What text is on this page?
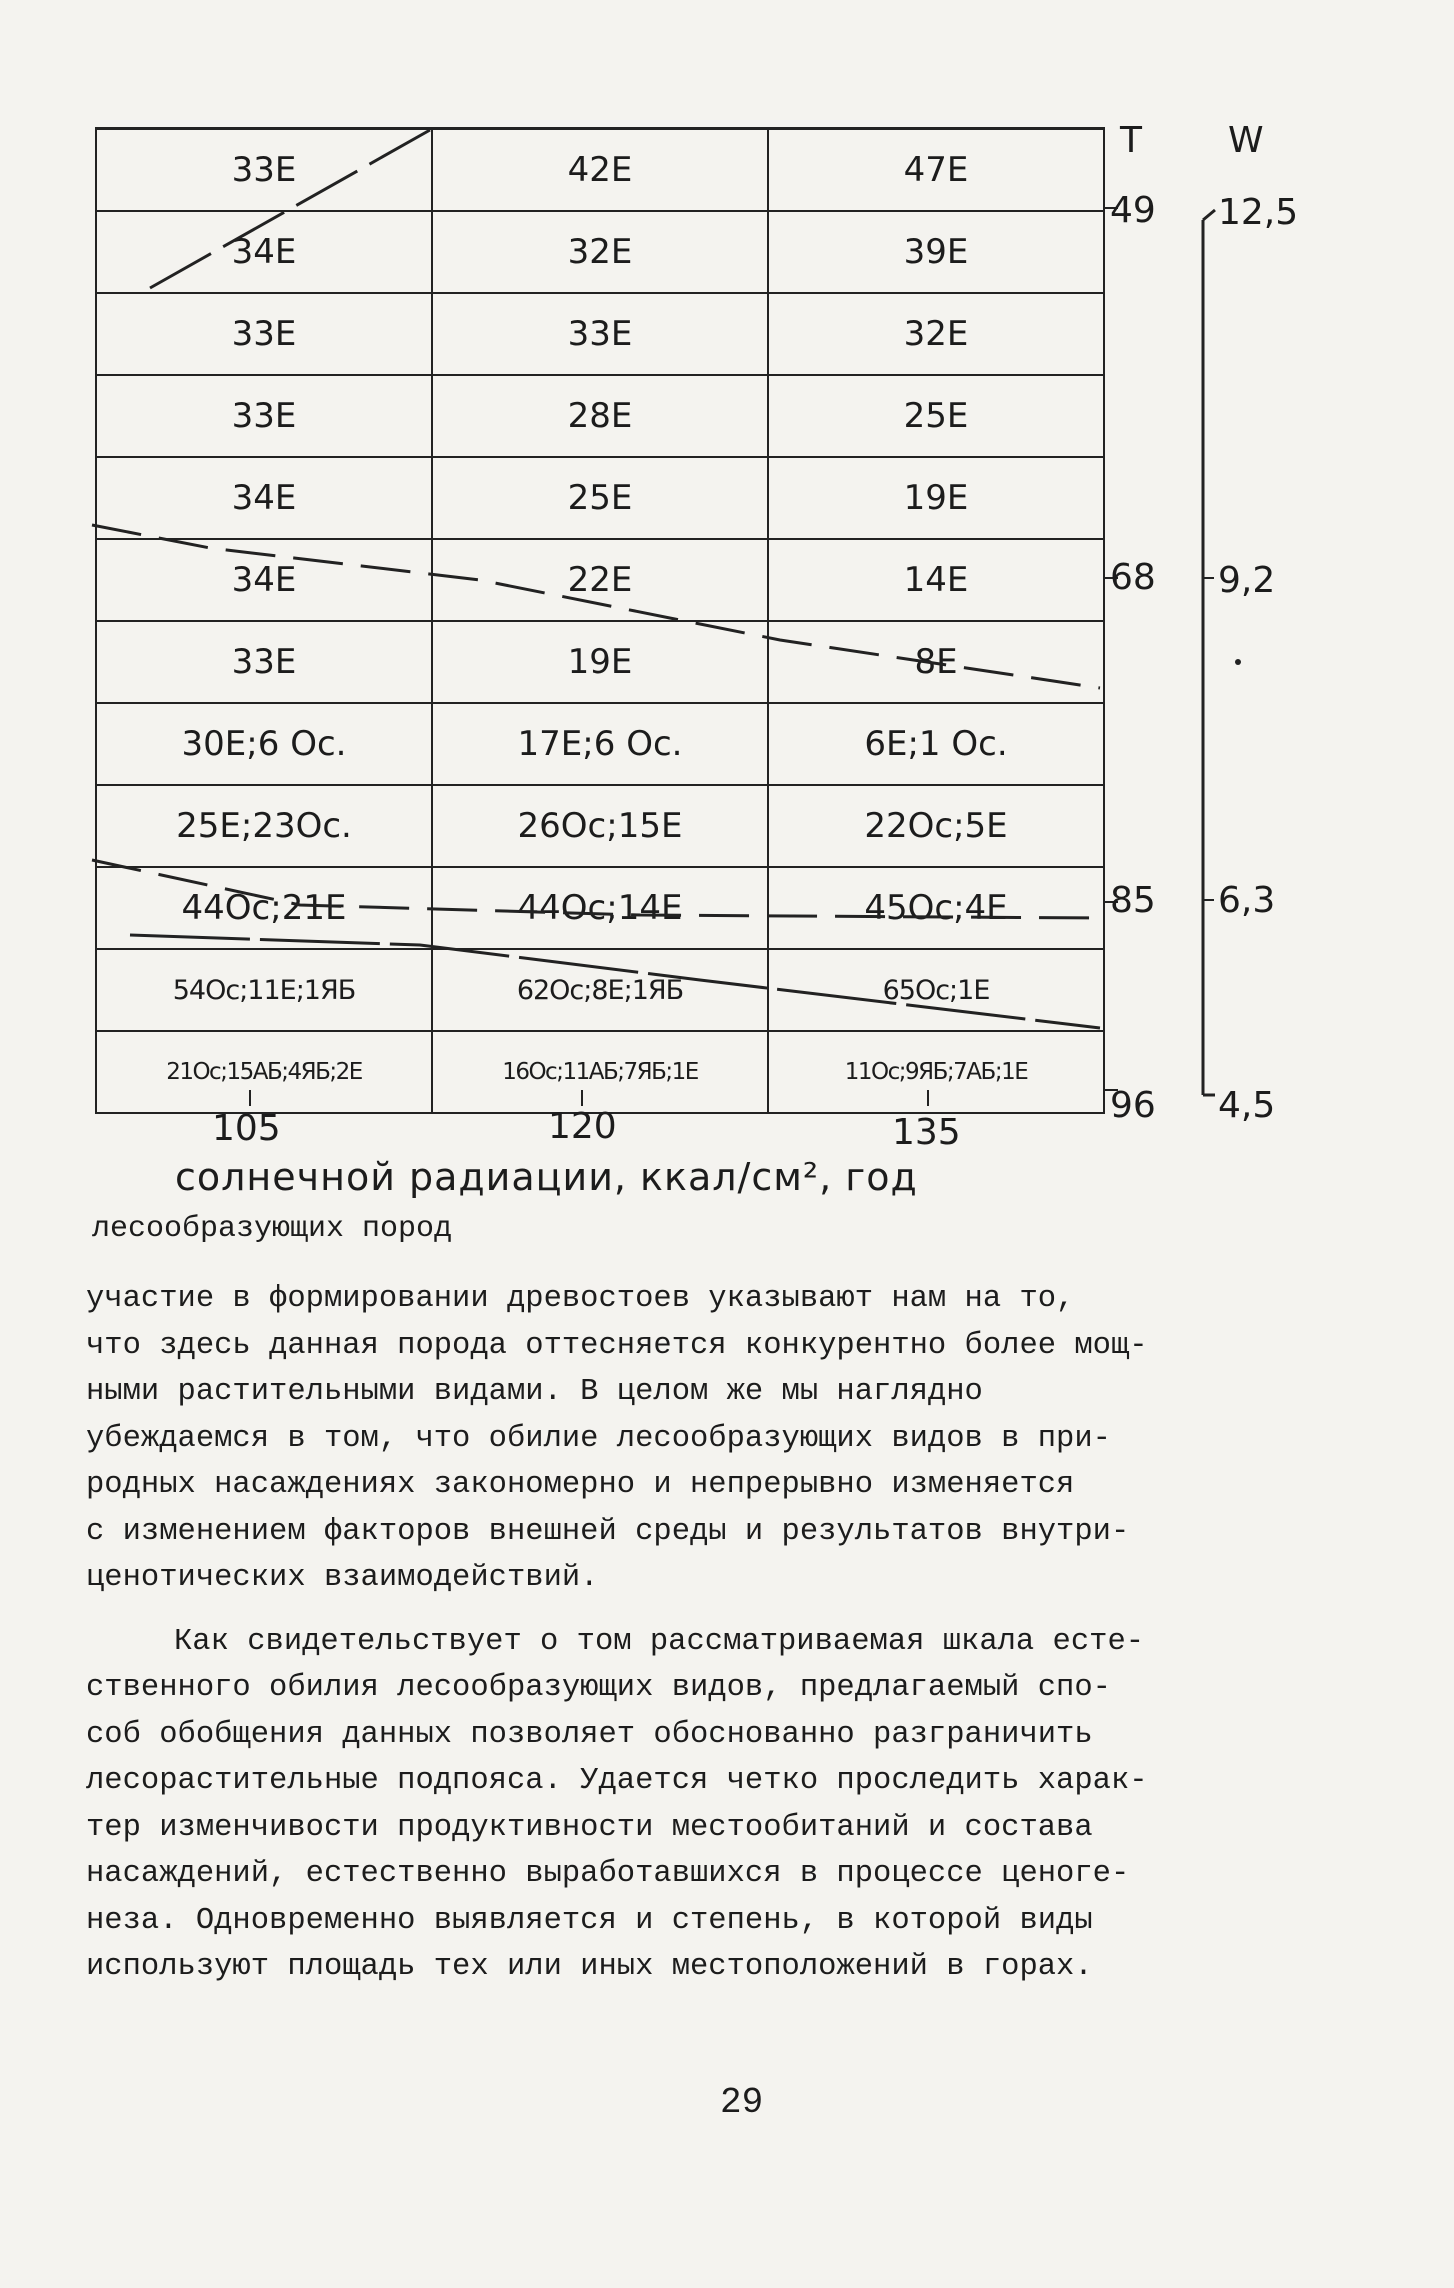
33E	42E	47E
34E	32E	39E
33E	33E	32E
33E	28E	25E
34E	25E	19E
34E	22E	14E
33E	19E	8E
30E;6 Oc.	17E;6 Oc.	6E;1 Oc.
25E;23Oc.	26Oc;15E	22Oc;5E
44Oc;21E	44Oc;14E	45Oc;4E
54Oc;11E;1ЯБ	62Oc;8E;1ЯБ	65Oc;1E
21Oc;15AБ;4ЯБ;2E	16Oc;11AБ;7ЯБ;1E	11Oc;9ЯБ;7AБ;1E
T W
49
68
85
96
12,5
9,2
6,3
4,5
105	120	135
солнечной радиации, ккал/см², год
лесообразующих пород
участие в формировании древостоев указывают нам на то,
что здесь данная порода оттесняется конкурентно более мощ-
ными растительными видами. В целом же мы наглядно
убеждаемся в том, что обилие лесообразующих видов в при-
родных насаждениях закономерно и непрерывно изменяется
с изменением факторов внешней среды и результатов внутри-
ценотических взаимодействий.
Как свидетельствует о том рассматриваемая шкала есте-
ственного обилия лесообразующих видов, предлагаемый спо-
соб обобщения данных позволяет обоснованно разграничить
лесорастительные подпояса. Удается четко проследить харак-
тер изменчивости продуктивности местообитаний и состава
насаждений, естественно выработавшихся в процессе ценоге-
неза. Одновременно выявляется и степень, в которой виды
используют площадь тех или иных местоположений в горах.
29
